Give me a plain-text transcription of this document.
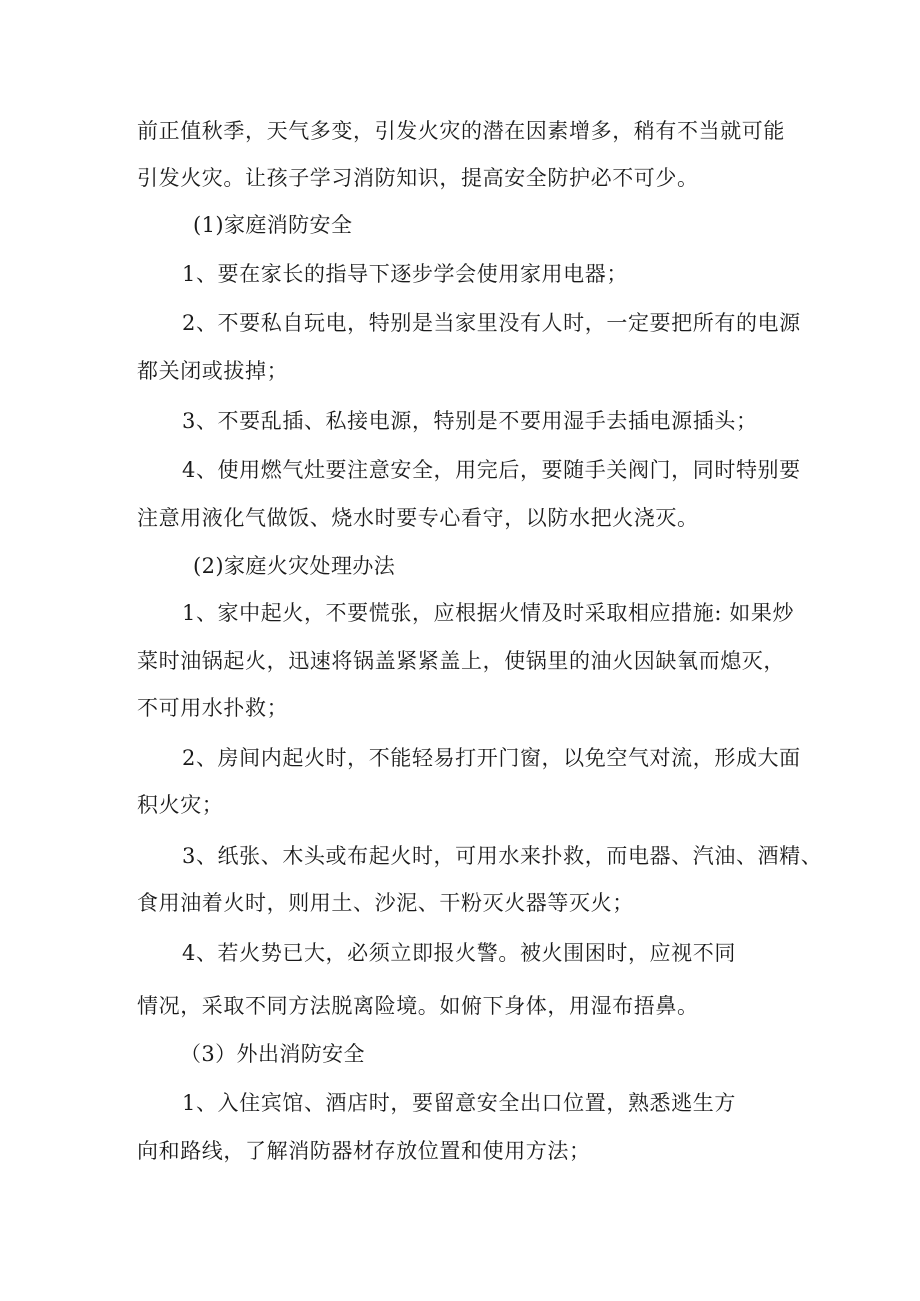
前正值秋季，天气多变，引发火灾的潜在因素增多，稍有不当就可能
引发火灾。让孩子学习消防知识，提高安全防护必不可少。
(1)家庭消防安全
1、要在家长的指导下逐步学会使用家用电器；
2、不要私自玩电，特别是当家里没有人时，一定要把所有的电源
都关闭或拔掉；
3、不要乱插、私接电源，特别是不要用湿手去插电源插头；
4、使用燃气灶要注意安全，用完后，要随手关阀门，同时特别要
注意用液化气做饭、烧水时要专心看守，以防水把火浇灭。
(2)家庭火灾处理办法
1、家中起火，不要慌张，应根据火情及时采取相应措施: 如果炒
菜时油锅起火，迅速将锅盖紧紧盖上，使锅里的油火因缺氧而熄灭，
不可用水扑救；
2、房间内起火时，不能轻易打开门窗，以免空气对流，形成大面
积火灾；
3、纸张、木头或布起火时，可用水来扑救，而电器、汽油、酒精、
食用油着火时，则用土、沙泥、干粉灭火器等灭火；
4、若火势已大，必须立即报火警。被火围困时，应视不同
情况，采取不同方法脱离险境。如俯下身体，用湿布捂鼻。
（3）外出消防安全
1、入住宾馆、酒店时，要留意安全出口位置，熟悉逃生方
向和路线，了解消防器材存放位置和使用方法；
